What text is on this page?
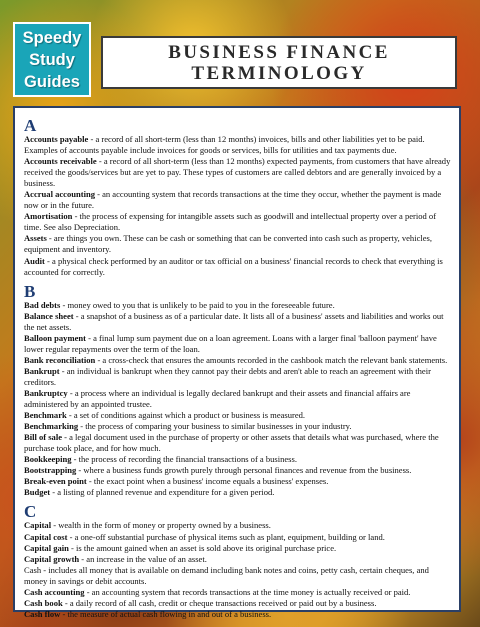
Speedy
Study
Guides
BUSINESS FINANCE
TERMINOLOGY
A

Accounts payable - a record of all short-term (less than 12 months) invoices, bills and other liabilities yet to be paid. Examples of accounts payable include invoices for goods or services, bills for utilities and tax payments due.

Accounts receivable - a record of all short-term (less than 12 months) expected payments, from customers that have already received the goods/services but are yet to pay. These types of customers are called debtors and are generally invoiced by a business.

Accrual accounting - an accounting system that records transactions at the time they occur, whether the payment is made now or in the future.

Amortisation - the process of expensing for intangible assets such as goodwill and intellectual property over a period of time. See also Depreciation.

Assets - are things you own. These can be cash or something that can be converted into cash such as property, vehicles, equipment and inventory.

Audit - a physical check performed by an auditor or tax official on a business' financial records to check that everything is accounted for correctly.

B

Bad debts - money owed to you that is unlikely to be paid to you in the foreseeable future.

Balance sheet - a snapshot of a business as of a particular date. It lists all of a business' assets and liabilities and works out the net assets.

Balloon payment - a final lump sum payment due on a loan agreement. Loans with a larger final 'balloon payment' have lower regular repayments over the term of the loan.

Bank reconciliation - a cross-check that ensures the amounts recorded in the cashbook match the relevant bank statements.

Bankrupt - an individual is bankrupt when they cannot pay their debts and aren't able to reach an agreement with their creditors.

Bankruptcy - a process where an individual is legally declared bankrupt and their assets and financial affairs are administered by an appointed trustee.

Benchmark - a set of conditions against which a product or business is measured.

Benchmarking - the process of comparing your business to similar businesses in your industry.

Bill of sale - a legal document used in the purchase of property or other assets that details what was purchased, where the purchase took place, and for how much.

Bookkeeping - the process of recording the financial transactions of a business.

Bootstrapping - where a business funds growth purely through personal finances and revenue from the business.

Break-even point - the exact point when a business' income equals a business' expenses.

Budget - a listing of planned revenue and expenditure for a given period.

C

Capital - wealth in the form of money or property owned by a business.

Capital cost - a one-off substantial purchase of physical items such as plant, equipment, building or land.

Capital gain - is the amount gained when an asset is sold above its original purchase price.

Capital growth - an increase in the value of an asset.

Cash - includes all money that is available on demand including bank notes and coins, petty cash, certain cheques, and money in savings or debit accounts.

Cash accounting - an accounting system that records transactions at the time money is actually received or paid.

Cash book - a daily record of all cash, credit or cheque transactions received or paid out by a business.

Cash flow - the measure of actual cash flowing in and out of a business.
